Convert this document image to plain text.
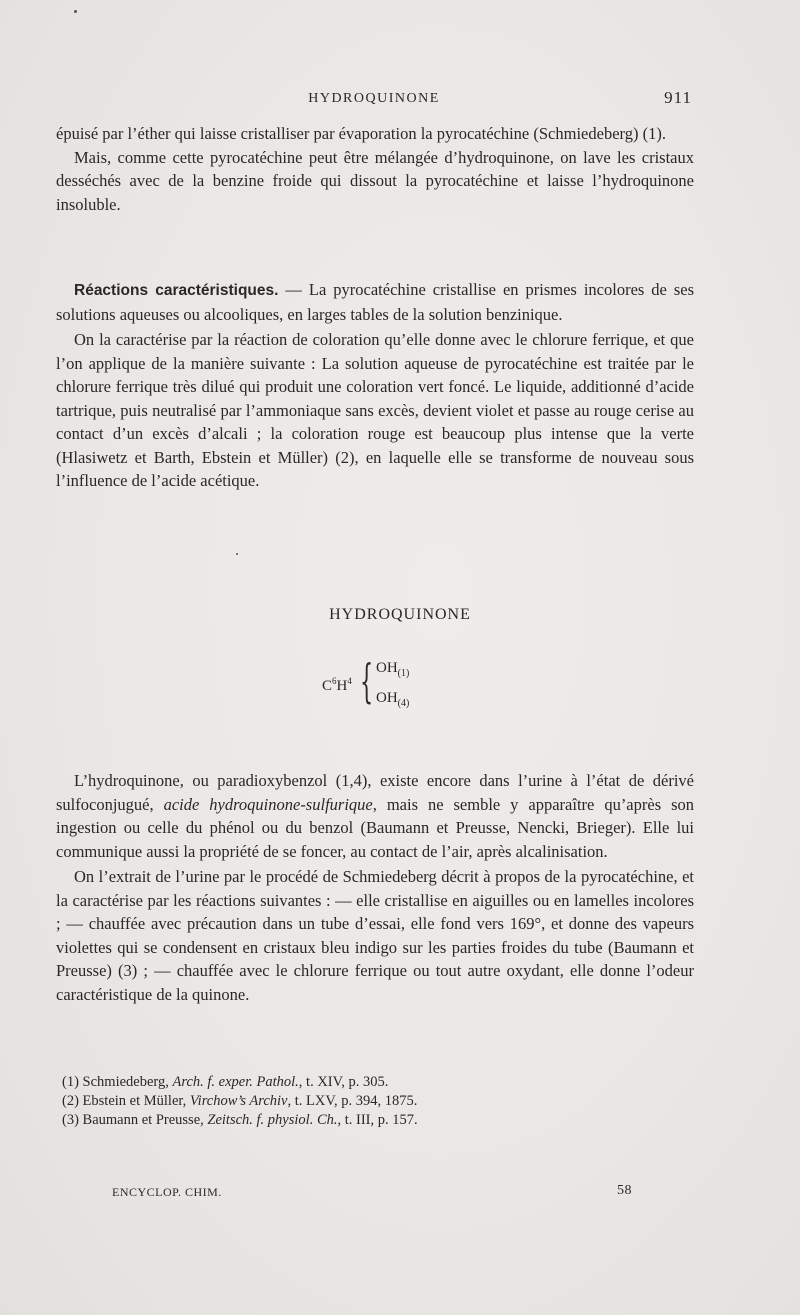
HYDROQUINONE	911

épuisé par l’éther qui laisse cristalliser par évaporation la pyrocatéchine (Schmiedeberg) (1).

Mais, comme cette pyrocatéchine peut être mélangée d’hydroquinone, on lave les cristaux desséchés avec de la benzine froide qui dissout la pyrocatéchine et laisse l’hydroquinone insoluble.

Réactions caractéristiques. — La pyrocatéchine cristallise en prismes incolores de ses solutions aqueuses ou alcooliques, en larges tables de la solution benzinique.

On la caractérise par la réaction de coloration qu’elle donne avec le chlorure ferrique, et que l’on applique de la manière suivante : La solution aqueuse de pyrocatéchine est traitée par le chlorure ferrique très dilué qui produit une coloration vert foncé. Le liquide, additionné d’acide tartrique, puis neutralisé par l’ammoniaque sans excès, devient violet et passe au rouge cerise au contact d’un excès d’alcali ; la coloration rouge est beaucoup plus intense que la verte (Hlasiwetz et Barth, Ebstein et Müller) (2), en laquelle elle se transforme de nouveau sous l’influence de l’acide acétique.

HYDROQUINONE
$C^6H^4$ { $OH_{(1)}$
$OH_{(4)}$

L’hydroquinone, ou paradioxybenzol (1,4), existe encore dans l’urine à l’état de dérivé sulfoconjugué, acide hydroquinone-sulfurique, mais ne semble y apparaître qu’après son ingestion ou celle du phénol ou du benzol (Baumann et Preusse, Nencki, Brieger). Elle lui communique aussi la propriété de se foncer, au contact de l’air, après alcalinisation.

On l’extrait de l’urine par le procédé de Schmiedeberg décrit à propos de la pyrocatéchine, et la caractérise par les réactions suivantes : — elle cristallise en aiguilles ou en lamelles incolores ; — chauffée avec précaution dans un tube d’essai, elle fond vers 169°, et donne des vapeurs violettes qui se condensent en cristaux bleu indigo sur les parties froides du tube (Baumann et Preusse) (3) ; — chauffée avec le chlorure ferrique ou tout autre oxydant, elle donne l’odeur caractéristique de la quinone.

(1) Schmiedeberg, Arch. f. exper. Pathol., t. XIV, p. 305.
(2) Ebstein et Müller, Virchow’s Archiv, t. LXV, p. 394, 1875.
(3) Baumann et Preusse, Zeitsch. f. physiol. Ch., t. III, p. 157.
ENCYCLOP. CHIM.	58
